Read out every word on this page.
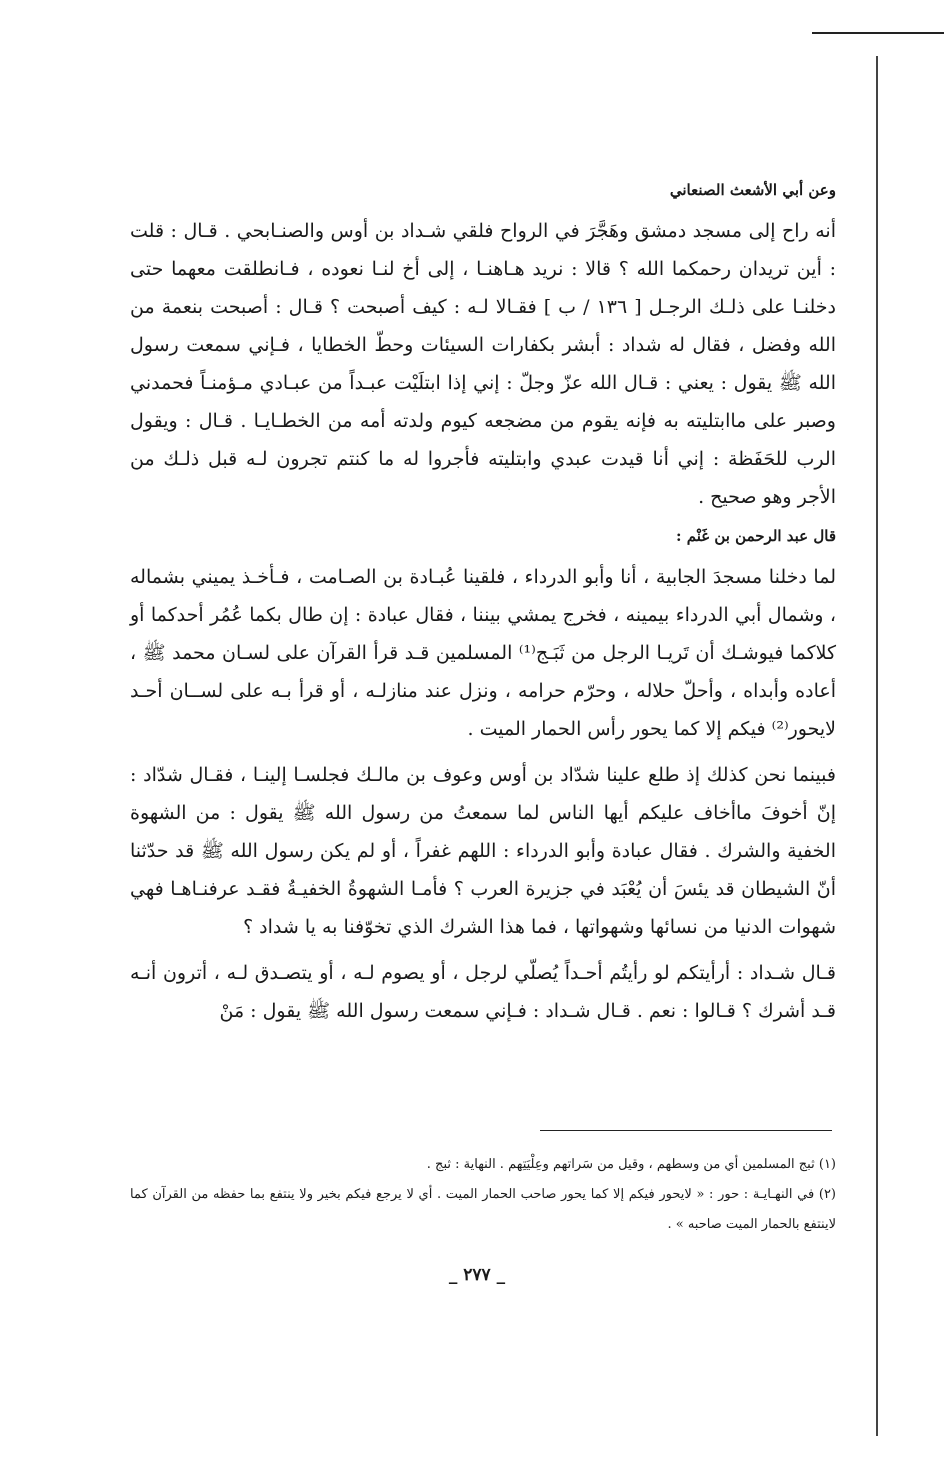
وعن أبي الأشعث الصنعاني

أنه راح إلى مسجد دمشق وهَجَّرَ في الرواح فلقي شـداد بن أوس والصنـابحي . قـال : قلت : أين تريدان رحمكما الله ؟ قالا : نريد هـاهنـا ، إلى أخ لنـا نعوده ، فـانطلقت معهما حتى دخلنـا على ذلـك الرجـل [ ١٣٦ / ب ] فقـالا لـه : كيف أصبحت ؟ قـال : أصبحت بنعمة من الله وفضل ، فقال له شداد : أبشر بكفارات السيئات وحطّ الخطايا ، فـإني سمعت رسول الله ﷺ يقول : يعني : قـال الله عزّ وجلّ : إني إذا ابتلَيْت عبـداً من عبـادي مـؤمنـاً فحمدني وصبر على ماابتليته به فإنه يقوم من مضجعه كيوم ولدته أمه من الخطـايـا . قـال : ويقول الرب للحَفَظة : إني أنا قيدت عبدي وابتليته فأجروا له ما كنتم تجرون لـه قبل ذلـك من الأجر وهو صحيح .

قال عبد الرحمن بن غَنْم :

لما دخلنا مسجدَ الجابية ، أنا وأبو الدرداء ، فلقينا عُبـادة بن الصـامت ، فـأخـذ يميني بشماله ، وشمال أبي الدرداء بيمينه ، فخرج يمشي بيننا ، فقال عبادة : إن طال بكما عُمُر أحدكما أو كلاكما فيوشـك أن تَريـا الرجل من ثَبَـج⁽¹⁾ المسلمين قـد قرأ القرآن على لسـان محمد ﷺ ، أعاده وأبداه ، وأحلّ حلاله ، وحرّم حرامه ، ونزل عند منازلـه ، أو قرأ بـه على لســان أحـد لايحور⁽²⁾ فيكم إلا كما يحور رأس الحمار الميت .

فبينما نحن كذلك إذ طلع علينا شدّاد بن أوس وعوف بن مالـك فجلسـا إلينـا ، فقـال شدّاد : إنّ أخوفَ ماأخاف عليكم أيها الناس لما سمعتُ من رسول الله ﷺ يقول : من الشهوة الخفية والشرك . فقال عبادة وأبو الدرداء : اللهم غفراً ، أو لم يكن رسول الله ﷺ قد حدّثنا أنّ الشيطان قد يئسَ أن يُعْبَد في جزيرة العرب ؟ فأمـا الشهوةُ الخفيـةُ فقـد عرفنـاهـا فهي شهوات الدنيا من نسائها وشهواتها ، فما هذا الشرك الذي تخوّفنا به يا شداد ؟

قـال شـداد : أرأيتكم لو رأيتُم أحـداً يُصلّي لرجل ، أو يصوم لـه ، أو يتصـدق لـه ، أترون أنـه قـد أشرك ؟ قـالوا : نعم . قـال شـداد : فـإني سمعت رسول الله ﷺ يقول : مَنْ

(١) ثبج المسلمين أي من وسطهم ، وقيل من سَراتهم وعِلْيَتِهم . النهاية : ثبج .

(٢) في النهـايـة : حور : « لايحور فيكم إلا كما يحور صاحب الحمار الميت . أي لا يرجع فيكم بخير ولا ينتفع بما حفظه من القرآن كما لاينتفع بالحمار الميت صاحبه » .

_ ٢٧٧ _
